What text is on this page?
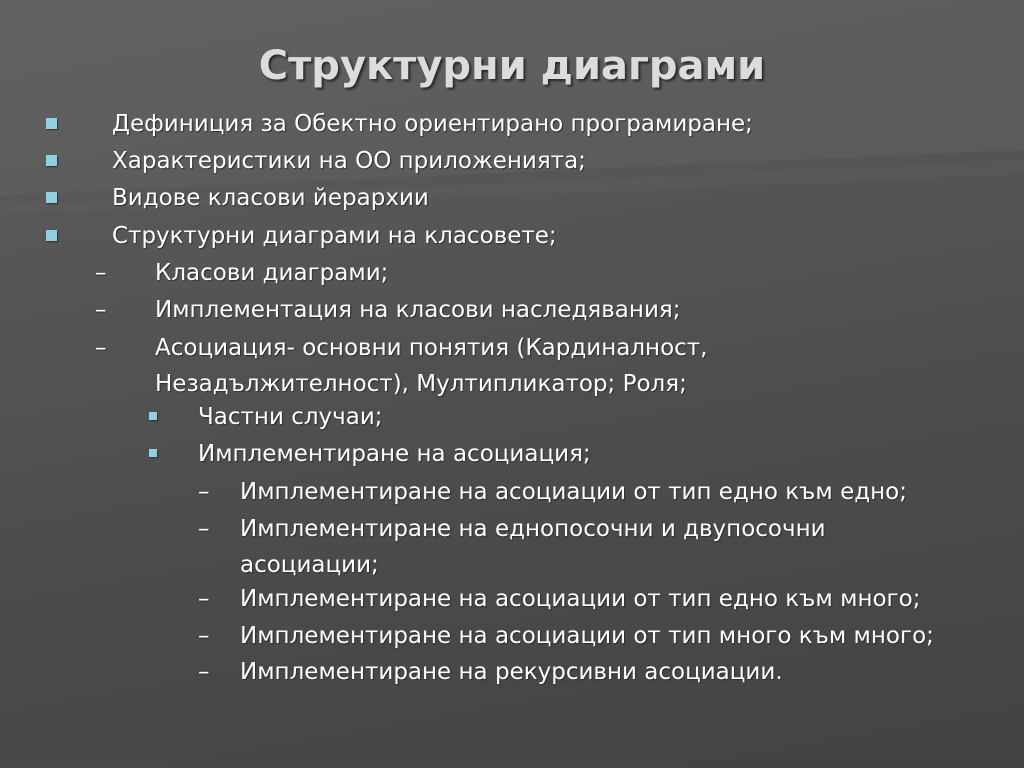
Структурни диаграми
Дефиниция за Обектно ориентирано програмиране;
Характеристики на ОО приложенията;
Видове класови йерархии
Структурни диаграми на класовете;
– Класови диаграми;
– Имплементация на класови наследявания;
– Асоциация- основни понятия (Кардиналност,
Незадължителност), Мултипликатор; Роля;
Частни случаи;
Имплементиране на асоциация;
– Имплементиране на асоциации от тип едно към едно;
– Имплементиране на еднопосочни и двупосочни
асоциации;
– Имплементиране на асоциации от тип едно към много;
– Имплементиране на асоциации от тип много към много;
– Имплементиране на рекурсивни асоциации.
